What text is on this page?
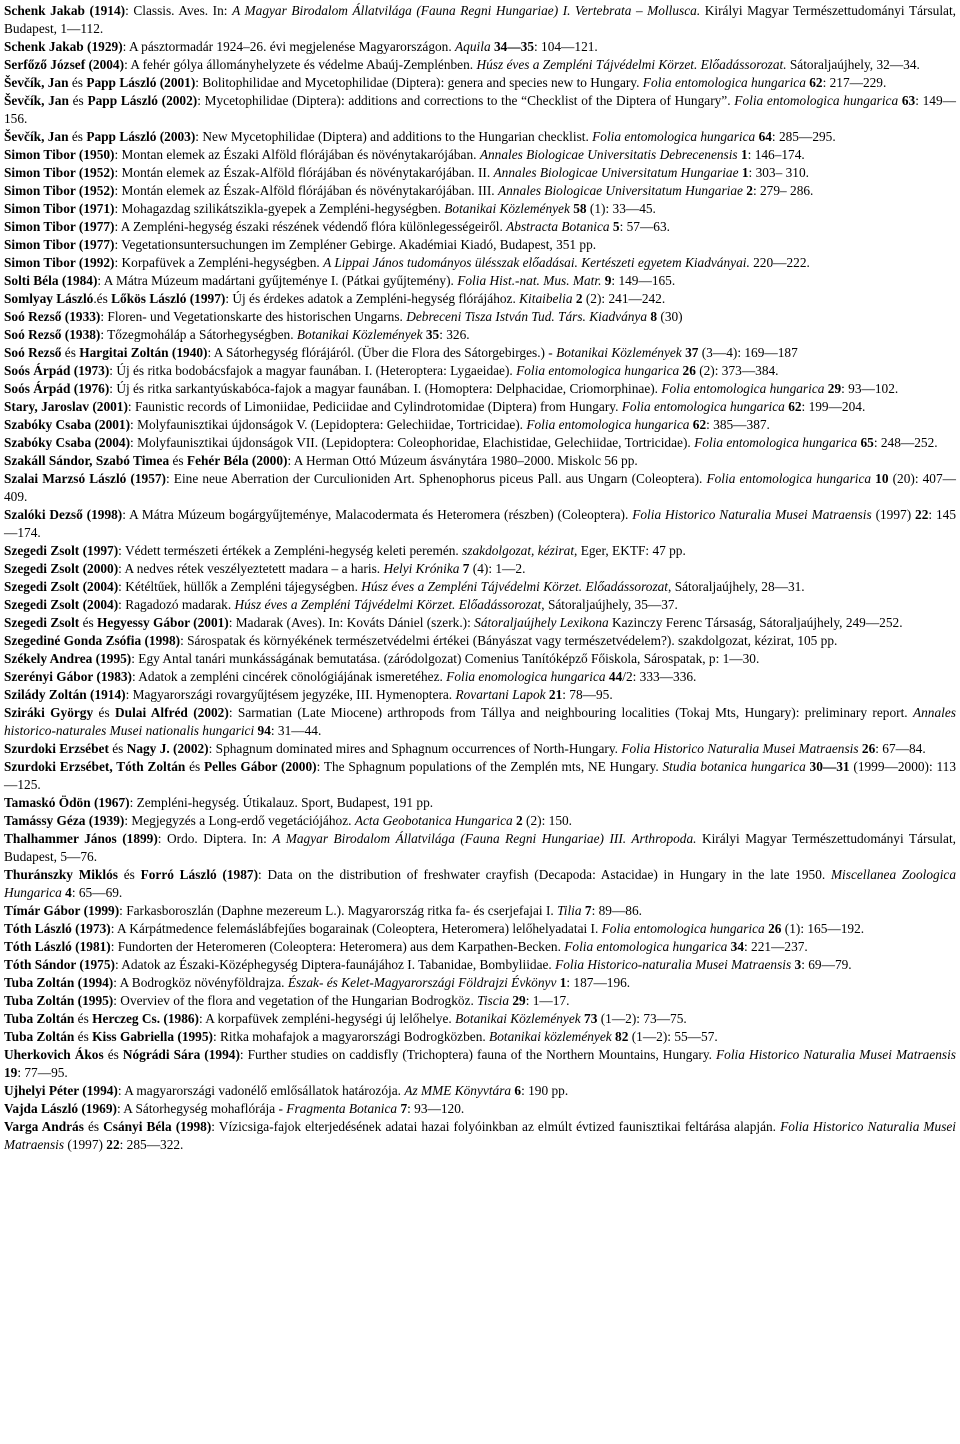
Schenk Jakab (1914): Classis. Aves. In: A Magyar Birodalom Állatvilága (Fauna Regni Hungariae) I. Vertebrata – Mollusca. Királyi Magyar Természettudományi Társulat, Budapest, 1—112.

Schenk Jakab (1929): A pásztormadár 1924–26. évi megjelenése Magyarországon. Aquila 34—35: 104—121.

Serfőző József (2004): A fehér gólya állományhelyzete és védelme Abaúj-Zemplénben. Húsz éves a Zempléni Tájvédelmi Körzet. Előadássorozat. Sátoraljaújhely, 32—34.

Ševčík, Jan és Papp László (2001): Bolitophilidae and Mycetophilidae (Diptera): genera and species new to Hungary. Folia entomologica hungarica 62: 217—229.

Ševčík, Jan és Papp László (2002): Mycetophilidae (Diptera): additions and corrections to the “Checklist of the Diptera of Hungary”. Folia entomologica hungarica 63: 149—156.

Ševčík, Jan és Papp László (2003): New Mycetophilidae (Diptera) and additions to the Hungarian checklist. Folia entomologica hungarica 64: 285—295.

Simon Tibor (1950): Montan elemek az Északi Alföld flórájában és növénytakarójában. Annales Biologicae Universitatis Debrecenensis 1: 146–174.

Simon Tibor (1952): Montán elemek az Észak-Alföld flórájában és növénytakarójában. II. Annales Biologicae Universitatum Hungariae 1: 303– 310.

Simon Tibor (1952): Montán elemek az Észak-Alföld flórájában és növénytakarójában. III. Annales Biologicae Universitatum Hungariae 2: 279– 286.

Simon Tibor (1971): Mohagazdag szilikátszikla-gyepek a Zempléni-hegységben. Botanikai Közlemények 58 (1): 33—45.

Simon Tibor (1977): A Zempléni-hegység északi részének védendő flóra különlegességeiről. Abstracta Botanica 5: 57—63.

Simon Tibor (1977): Vegetationsuntersuchungen im Zempléner Gebirge. Akadémiai Kiadó, Budapest, 351 pp.

Simon Tibor (1992): Korpafüvek a Zempléni-hegységben. A Lippai János tudományos ülésszak előadásai. Kertészeti egyetem Kiadványai. 220—222.

Solti Béla (1984): A Mátra Múzeum madártani gyűjteménye I. (Pátkai gyűjtemény). Folia Hist.-nat. Mus. Matr. 9: 149—165.

Somlyay László.és Lőkös László (1997): Új és érdekes adatok a Zempléni-hegység flórájához. Kitaibelia 2 (2): 241—242.

Soó Rezső (1933): Floren- und Vegetationskarte des historischen Ungarns. Debreceni Tisza István Tud. Társ. Kiadványa 8 (30)

Soó Rezső (1938): Tőzegmoháláp a Sátorhegységben. Botanikai Közlemények 35: 326.

Soó Rezső és Hargitai Zoltán (1940): A Sátorhegység flórájáról. (Über die Flora des Sátorgebirges.) - Botanikai Közlemények 37 (3—4): 169—187

Soós Árpád (1973): Új és ritka bodobácsfajok a magyar faunában. I. (Heteroptera: Lygaeidae). Folia entomologica hungarica 26 (2): 373—384.

Soós Árpád (1976): Új és ritka sarkantyúskabóca-fajok a magyar faunában. I. (Homoptera: Delphacidae, Criomorphinae). Folia entomologica hungarica 29: 93—102.

Stary, Jaroslav (2001): Faunistic records of Limoniidae, Pediciidae and Cylindrotomidae (Diptera) from Hungary. Folia entomologica hungarica 62: 199—204.

Szabóky Csaba (2001): Molyfaunisztikai újdonságok V. (Lepidoptera: Gelechiidae, Tortricidae). Folia entomologica hungarica 62: 385—387.

Szabóky Csaba (2004): Molyfaunisztikai újdonságok VII. (Lepidoptera: Coleophoridae, Elachistidae, Gelechiidae, Tortricidae). Folia entomologica hungarica 65: 248—252.

Szakáll Sándor, Szabó Timea és Fehér Béla (2000): A Herman Ottó Múzeum ásványtára 1980–2000. Miskolc 56 pp.

Szalai Marzsó László (1957): Eine neue Aberration der Curculioniden Art. Sphenophorus piceus Pall. aus Ungarn (Coleoptera). Folia entomologica hungarica 10 (20): 407—409.

Szalóki Dezső (1998): A Mátra Múzeum bogárgyűjteménye, Malacodermata és Heteromera (részben) (Coleoptera). Folia Historico Naturalia Musei Matraensis (1997) 22: 145—174.

Szegedi Zsolt (1997): Védett természeti értékek a Zempléni-hegység keleti peremén. szakdolgozat, kézirat, Eger, EKTF: 47 pp.

Szegedi Zsolt (2000): A nedves rétek veszélyeztetett madara – a haris. Helyi Krónika 7 (4): 1—2.

Szegedi Zsolt (2004): Kétéltűek, hüllők a Zempléni tájegységben. Húsz éves a Zempléni Tájvédelmi Körzet. Előadássorozat, Sátoraljaújhely, 28—31.

Szegedi Zsolt (2004): Ragadozó madarak. Húsz éves a Zempléni Tájvédelmi Körzet. Előadássorozat, Sátoraljaújhely, 35—37.

Szegedi Zsolt és Hegyessy Gábor (2001): Madarak (Aves). In: Kováts Dániel (szerk.): Sátoraljaújhely Lexikona Kazinczy Ferenc Társaság, Sátoraljaújhely, 249—252.

Szegediné Gonda Zsófia (1998): Sárospatak és környékének természetvédelmi értékei (Bányászat vagy természetvédelem?). szakdolgozat, kézirat, 105 pp.

Székely Andrea (1995): Egy Antal tanári munkásságának bemutatása. (záródolgozat) Comenius Tanítóképző Főiskola, Sárospatak, p: 1—30.

Szerényi Gábor (1983): Adatok a zempléni cincérek cönológiájának ismeretéhez. Folia enomologica hungarica 44/2: 333—336.

Szilády Zoltán (1914): Magyarországi rovargyűjtésem jegyzéke, III. Hymenoptera. Rovartani Lapok 21: 78—95.

Sziráki György és Dulai Alfréd (2002): Sarmatian (Late Miocene) arthropods from Tállya and neighbouring localities (Tokaj Mts, Hungary): preliminary report. Annales historico-naturales Musei nationalis hungarici 94: 31—44.

Szurdoki Erzsébet és Nagy J. (2002): Sphagnum dominated mires and Sphagnum occurrences of North-Hungary. Folia Historico Naturalia Musei Matraensis 26: 67—84.

Szurdoki Erzsébet, Tóth Zoltán és Pelles Gábor (2000): The Sphagnum populations of the Zemplén mts, NE Hungary. Studia botanica hungarica 30—31 (1999—2000): 113—125.

Tamaskó Ödön (1967): Zempléni-hegység. Útikalauz. Sport, Budapest, 191 pp.

Tamássy Géza (1939): Megjegyzés a Long-erdő vegetációjához. Acta Geobotanica Hungarica 2 (2): 150.

Thalhammer János (1899): Ordo. Diptera. In: A Magyar Birodalom Állatvilága (Fauna Regni Hungariae) III. Arthropoda. Királyi Magyar Természettudományi Társulat, Budapest, 5—76.

Thuránszky Miklós és Forró László (1987): Data on the distribution of freshwater crayfish (Decapoda: Astacidae) in Hungary in the late 1950. Miscellanea Zoologica Hungarica 4: 65—69.

Tímár Gábor (1999): Farkasboroszlán (Daphne mezereum L.). Magyarország ritka fa- és cserjefajai I. Tilia 7: 89—86.

Tóth László (1973): A Kárpátmedence felemáslábfejűes bogarainak (Coleoptera, Heteromera) lelőhelyadatai I. Folia entomologica hungarica 26 (1): 165—192.

Tóth László (1981): Fundorten der Heteromeren (Coleoptera: Heteromera) aus dem Karpathen-Becken. Folia entomologica hungarica 34: 221—237.

Tóth Sándor (1975): Adatok az Északi-Középhegység Diptera-faunájához I. Tabanidae, Bombyliidae. Folia Historico-naturalia Musei Matraensis 3: 69—79.

Tuba Zoltán (1994): A Bodrogköz növényföldrajza. Észak- és Kelet-Magyarországi Földrajzi Évkönyv 1: 187—196.

Tuba Zoltán (1995): Overviev of the flora and vegetation of the Hungarian Bodrogköz. Tiscia 29: 1—17.

Tuba Zoltán és Herczeg Cs. (1986): A korpafüvek zempléni-hegységi új lelőhelye. Botanikai Közlemények 73 (1—2): 73—75.

Tuba Zoltán és Kiss Gabriella (1995): Ritka mohafajok a magyarországi Bodrogközben. Botanikai közlemények 82 (1—2): 55—57.

Uherkovich Ákos és Nógrádi Sára (1994): Further studies on caddisfly (Trichoptera) fauna of the Northern Mountains, Hungary. Folia Historico Naturalia Musei Matraensis 19: 77—95.

Ujhelyi Péter (1994): A magyarországi vadonélő emlősállatok határozója. Az MME Könyvtára 6: 190 pp.

Vajda László (1969): A Sátorhegység mohaflórája - Fragmenta Botanica 7: 93—120.

Varga András és Csányi Béla (1998): Vízicsiga-fajok elterjedésének adatai hazai folyóinkban az elmúlt évtized faunisztikai feltárása alapján. Folia Historico Naturalia Musei Matraensis (1997) 22: 285—322.
